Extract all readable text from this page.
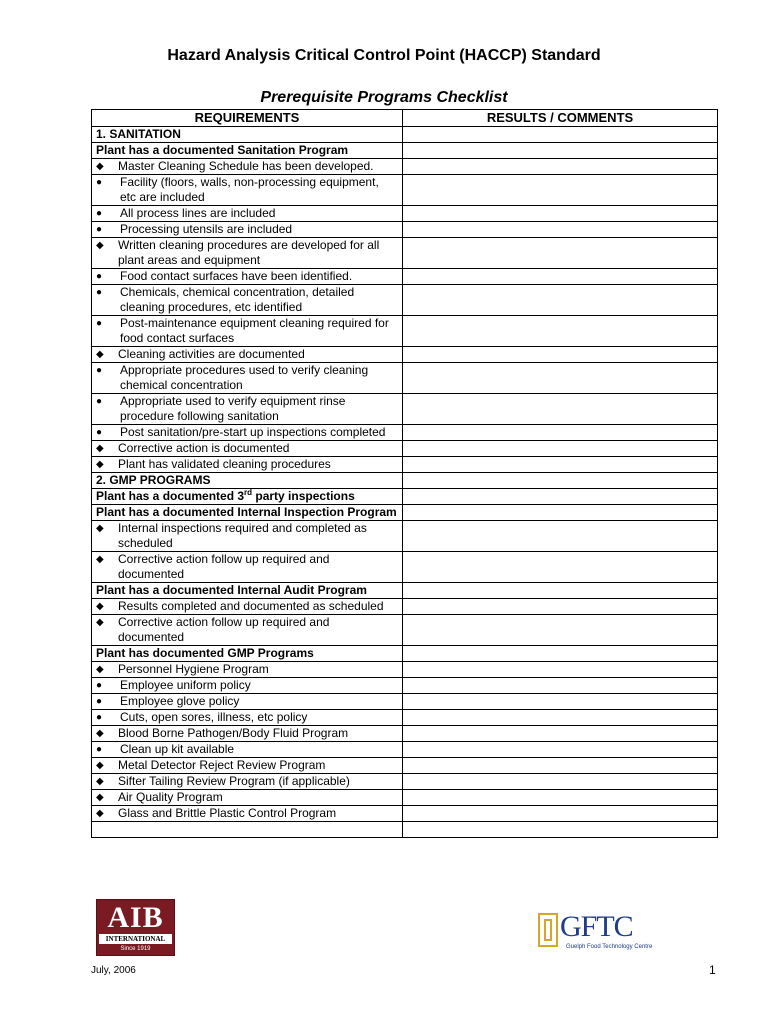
Hazard Analysis Critical Control Point (HACCP) Standard
Prerequisite Programs Checklist
REQUIREMENTS	RESULTS / COMMENTS
1. SANITATION	
Plant has a documented Sanitation Program	

◆ Master Cleaning Schedule has been developed.	

● Facility (floors, walls, non-processing equipment, etc are included	

● All process lines are included	

● Processing utensils are included	

◆ Written cleaning procedures are developed for all plant areas and equipment	

● Food contact surfaces have been identified.	

● Chemicals, chemical concentration, detailed cleaning procedures, etc identified	

● Post-maintenance equipment cleaning required for food contact surfaces	

◆ Cleaning activities are documented	

● Appropriate procedures used to verify cleaning chemical concentration	

● Appropriate used to verify equipment rinse procedure following sanitation	

● Post sanitation/pre-start up inspections completed	

◆ Corrective action is documented	

◆ Plant has validated cleaning procedures	

2. GMP PROGRAMS	
Plant has a documented 3rd party inspections	
Plant has a documented Internal Inspection Program	

◆ Internal inspections required and completed as scheduled	

◆ Corrective action follow up required and documented	

Plant has a documented Internal Audit Program	

◆ Results completed and documented as scheduled	

◆ Corrective action follow up required and documented	

Plant has documented GMP Programs	

◆ Personnel Hygiene Program	

● Employee uniform policy	

● Employee glove policy	

● Cuts, open sores, illness, etc policy	

◆ Blood Borne Pathogen/Body Fluid Program	

● Clean up kit available	

◆ Metal Detector Reject Review Program	

◆ Sifter Tailing Review Program (if applicable)	

◆ Air Quality Program	

◆ Glass and Brittle Plastic Control Program	

AIB
INTERNATIONAL
Since 1919
GFTC
Guelph Food Technology Centre
July, 2006	1
